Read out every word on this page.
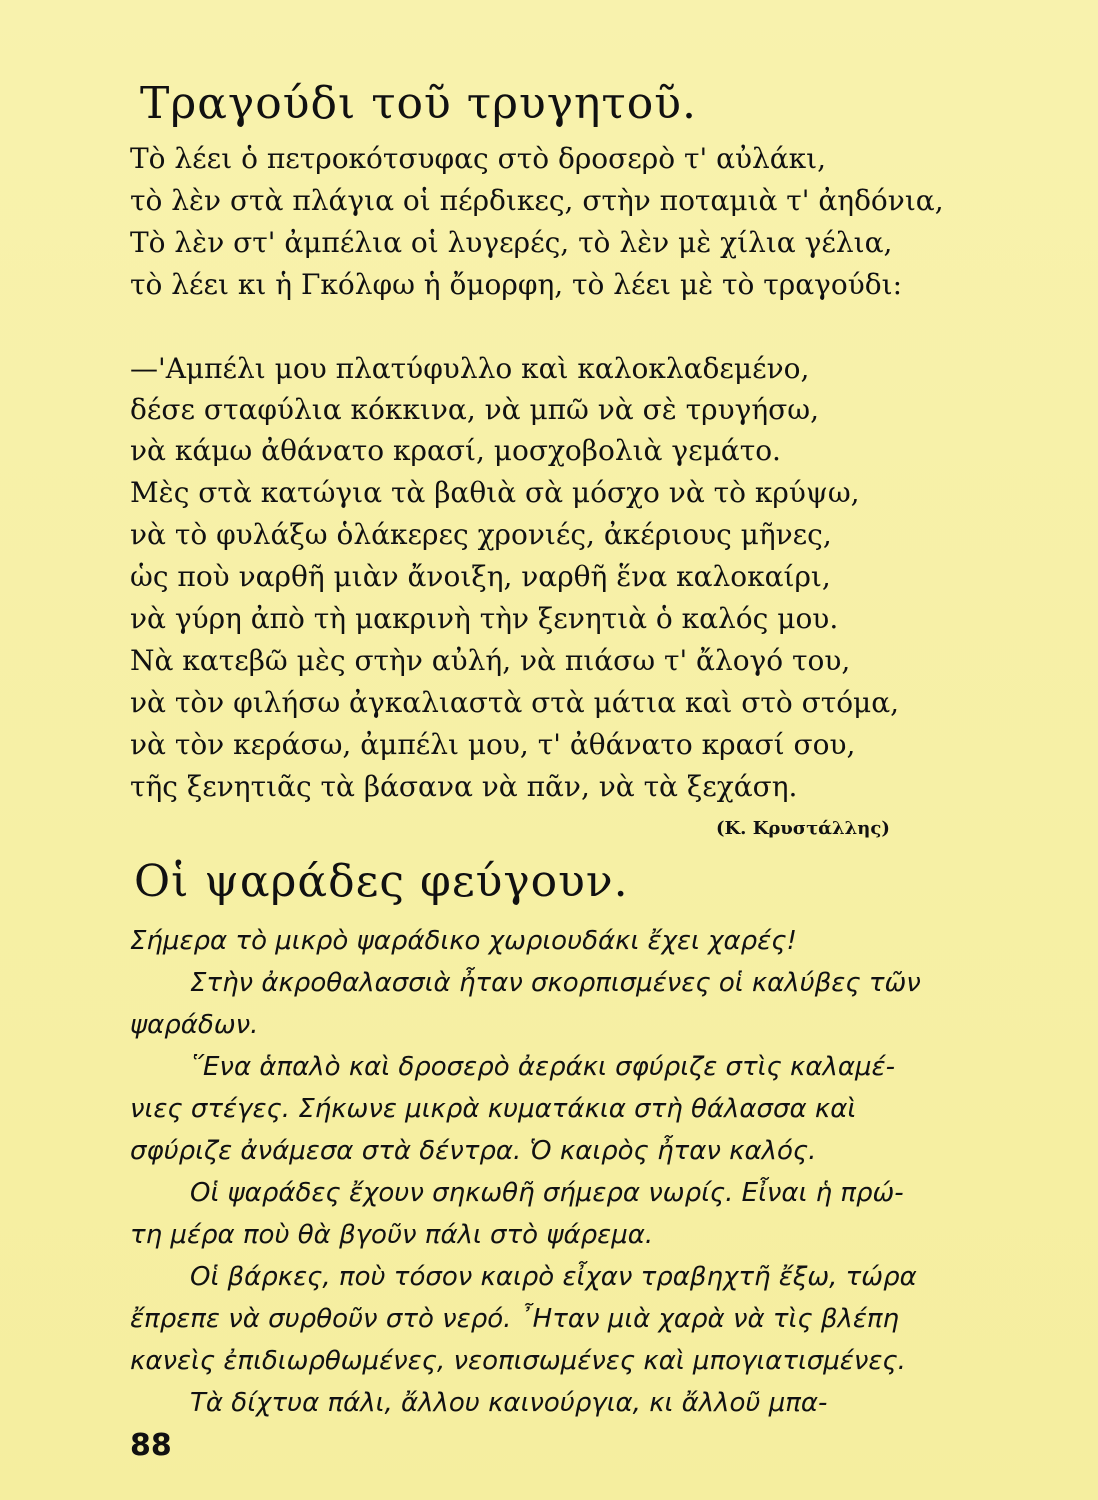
Τραγούδι τοῦ τρυγητοῦ.
Τὸ λέει ὁ πετροκότσυφας στὸ δροσερὸ τ' αὐλάκι,
τὸ λὲν στὰ πλάγια οἱ πέρδικες, στὴν ποταμιὰ τ' ἀηδόνια,
Τὸ λὲν στ' ἀμπέλια οἱ λυγερές, τὸ λὲν μὲ χίλια γέλια,
τὸ λέει κι ἡ Γκόλφω ἡ ὄμορφη, τὸ λέει μὲ τὸ τραγούδι:
—'Αμπέλι μου πλατύφυλλο καὶ καλοκλαδεμένο,
δέσε σταφύλια κόκκινα, νὰ μπῶ νὰ σὲ τρυγήσω,
νὰ κάμω ἀθάνατο κρασί, μοσχοβολιὰ γεμάτο.
Μὲς στὰ κατώγια τὰ βαθιὰ σὰ μόσχο νὰ τὸ κρύψω,
νὰ τὸ φυλάξω ὁλάκερες χρονιές, ἀκέριους μῆνες,
ὡς ποὺ ναρθῆ μιὰν ἄνοιξη, ναρθῆ ἕνα καλοκαίρι,
νὰ γύρη ἀπὸ τὴ μακρινὴ τὴν ξενητιὰ ὁ καλός μου.
Νὰ κατεβῶ μὲς στὴν αὐλή, νὰ πιάσω τ' ἄλογό του,
νὰ τὸν φιλήσω ἀγκαλιαστὰ στὰ μάτια καὶ στὸ στόμα,
νὰ τὸν κεράσω, ἀμπέλι μου, τ' ἀθάνατο κρασί σου,
τῆς ξενητιᾶς τὰ βάσανα νὰ πᾶν, νὰ τὰ ξεχάση.
(Κ. Κρυστάλλης)
Οἱ ψαράδες φεύγουν.
Σήμερα τὸ μικρὸ ψαράδικο χωριουδάκι ἔχει χαρές!
Στὴν ἀκροθαλασσιὰ ἦταν σκορπισμένες οἱ καλύβες τῶν
ψαράδων.
῞Ενα ἁπαλὸ καὶ δροσερὸ ἀεράκι σφύριζε στὶς καλαμέ-
νιες στέγες. Σήκωνε μικρὰ κυματάκια στὴ θάλασσα καὶ
σφύριζε ἀνάμεσα στὰ δέντρα. Ὁ καιρὸς ἦταν καλός.
Οἱ ψαράδες ἔχουν σηκωθῆ σήμερα νωρίς. Εἶναι ἡ πρώ-
τη μέρα ποὺ θὰ βγοῦν πάλι στὸ ψάρεμα.
Οἱ βάρκες, ποὺ τόσον καιρὸ εἶχαν τραβηχτῆ ἔξω, τώρα
ἔπρεπε νὰ συρθοῦν στὸ νερό. ῏Ηταν μιὰ χαρὰ νὰ τὶς βλέπη
κανεὶς ἐπιδιωρθωμένες, νεοπισωμένες καὶ μπογιατισμένες.
Τὰ δίχτυα πάλι, ἄλλου καινούργια, κι ἄλλοῦ μπα-
88
